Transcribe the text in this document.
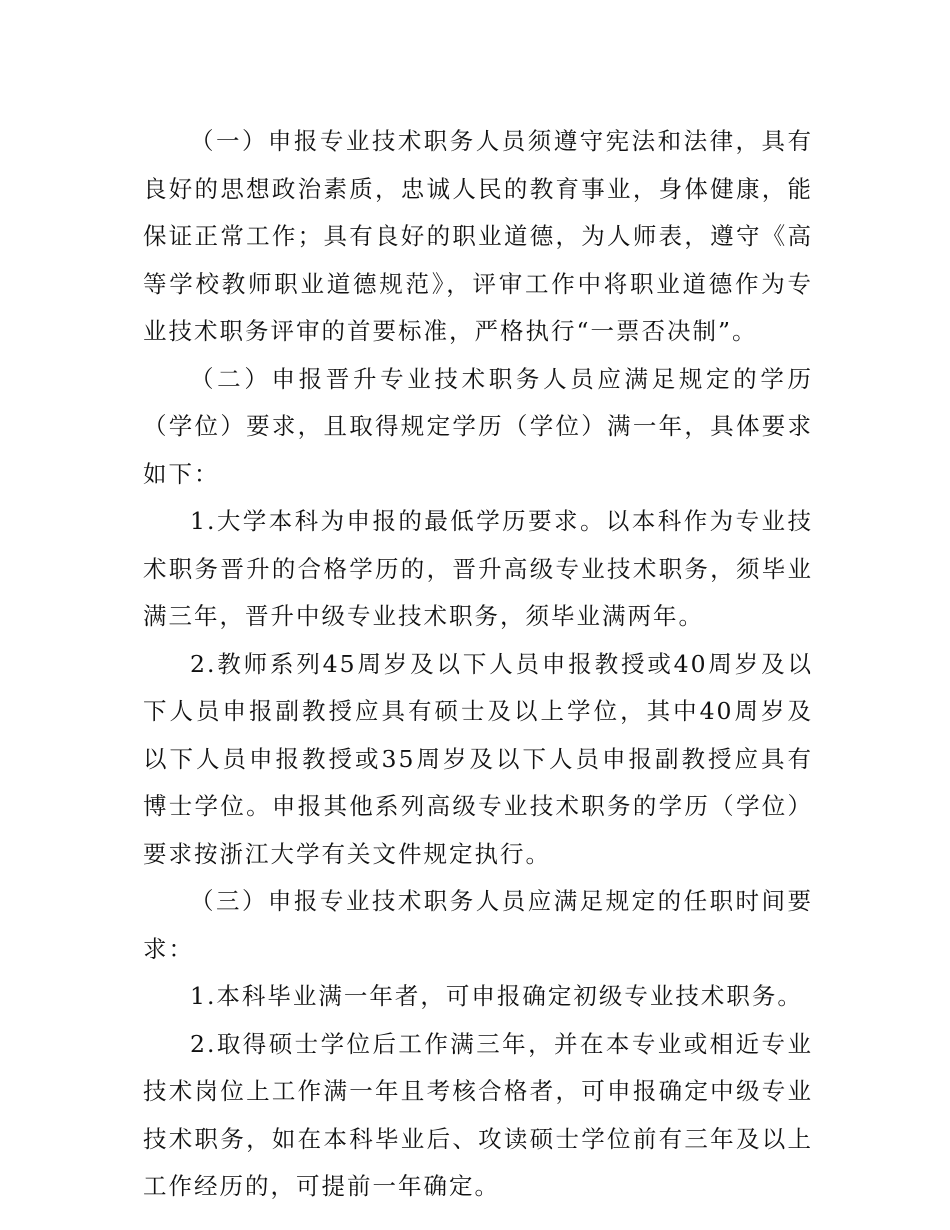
（一）申报专业技术职务人员须遵守宪法和法律，具有良好的思想政治素质，忠诚人民的教育事业，身体健康，能保证正常工作；具有良好的职业道德，为人师表，遵守《高等学校教师职业道德规范》，评审工作中将职业道德作为专业技术职务评审的首要标准，严格执行“一票否决制”。

（二）申报晋升专业技术职务人员应满足规定的学历（学位）要求，且取得规定学历（学位）满一年，具体要求如下：

1.大学本科为申报的最低学历要求。以本科作为专业技术职务晋升的合格学历的，晋升高级专业技术职务，须毕业满三年，晋升中级专业技术职务，须毕业满两年。

2.教师系列45周岁及以下人员申报教授或40周岁及以下人员申报副教授应具有硕士及以上学位，其中40周岁及以下人员申报教授或35周岁及以下人员申报副教授应具有博士学位。申报其他系列高级专业技术职务的学历（学位）要求按浙江大学有关文件规定执行。

（三）申报专业技术职务人员应满足规定的任职时间要求：

1.本科毕业满一年者，可申报确定初级专业技术职务。

2.取得硕士学位后工作满三年，并在本专业或相近专业技术岗位上工作满一年且考核合格者，可申报确定中级专业技术职务，如在本科毕业后、攻读硕士学位前有三年及以上工作经历的，可提前一年确定。
